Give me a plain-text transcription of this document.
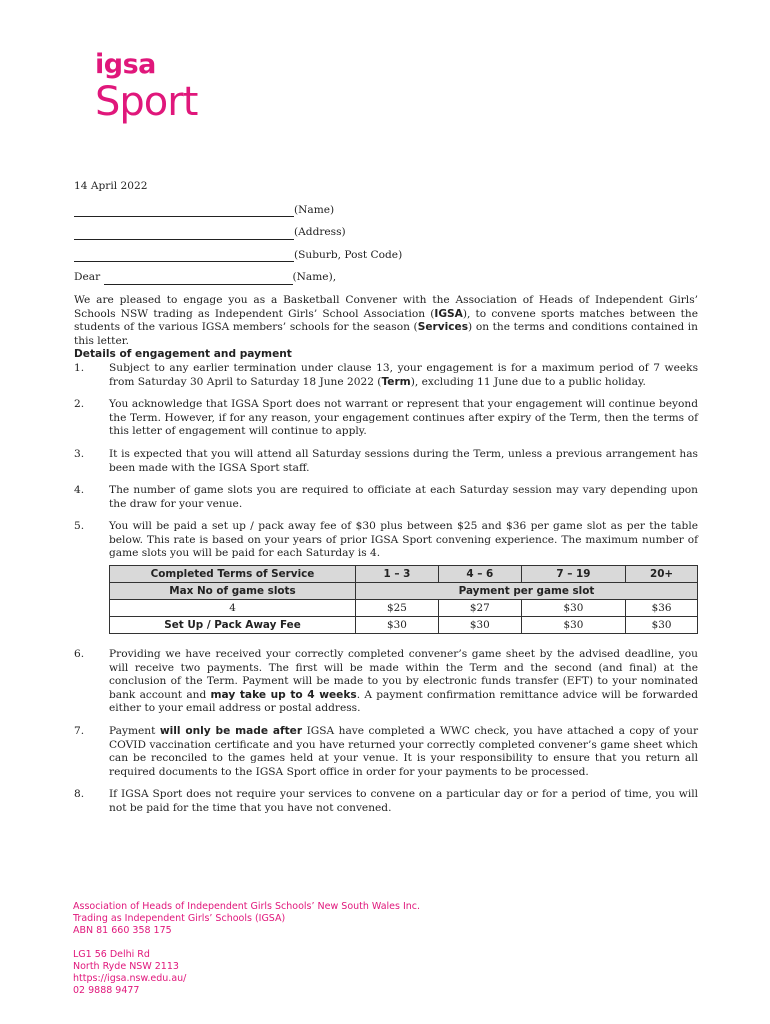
igsa
Sport
14 April 2022
(Name)
(Address)
(Suburb, Post Code)
Dear
	(Name),

We are pleased to engage you as a Basketball Convener with the Association of Heads of Independent Girls’ Schools NSW trading as Independent Girls’ School Association (IGSA), to convene sports matches between the students of the various IGSA members’ schools for the season (Services) on the terms and conditions contained in this letter.

Details of engagement and payment

1.	Subject to any earlier termination under clause 13, your engagement is for a maximum period of 7 weeks from Saturday 30 April to Saturday 18 June 2022 (Term), excluding 11 June due to a public holiday.
2.	You acknowledge that IGSA Sport does not warrant or represent that your engagement will continue beyond the Term. However, if for any reason, your engagement continues after expiry of the Term, then the terms of this letter of engagement will continue to apply.
3.	It is expected that you will attend all Saturday sessions during the Term, unless a previous arrangement has been made with the IGSA Sport staff.
4.	The number of game slots you are required to officiate at each Saturday session may vary depending upon the draw for your venue.
5.	You will be paid a set up / pack away fee of $30 plus between $25 and $36 per game slot as per the table below. This rate is based on your years of prior IGSA Sport convening experience. The maximum number of game slots you will be paid for each Saturday is 4.
Completed Terms of Service	1 – 3	4 – 6	7 – 19	20+
Max No of game slots	Payment per game slot			
4	$25	$27	$30	$36
Set Up / Pack Away Fee	$30	$30	$30	$30
6.	Providing we have received your correctly completed convener’s game sheet by the advised deadline, you will receive two payments. The first will be made within the Term and the second (and final) at the conclusion of the Term. Payment will be made to you by electronic funds transfer (EFT) to your nominated bank account and may take up to 4 weeks. A payment confirmation remittance advice will be forwarded either to your email address or postal address.
7.	Payment will only be made after IGSA have completed a WWC check, you have attached a copy of your COVID vaccination certificate and you have returned your correctly completed convener’s game sheet which can be reconciled to the games held at your venue. It is your responsibility to ensure that you return all required documents to the IGSA Sport office in order for your payments to be processed.
8.	If IGSA Sport does not require your services to convene on a particular day or for a period of time, you will not be paid for the time that you have not convened.
Association of Heads of Independent Girls Schools’ New South Wales Inc.
Trading as Independent Girls’ Schools (IGSA)
ABN 81 660 358 175
LG1 56 Delhi Rd
North Ryde NSW 2113
https://igsa.nsw.edu.au/
02 9888 9477
